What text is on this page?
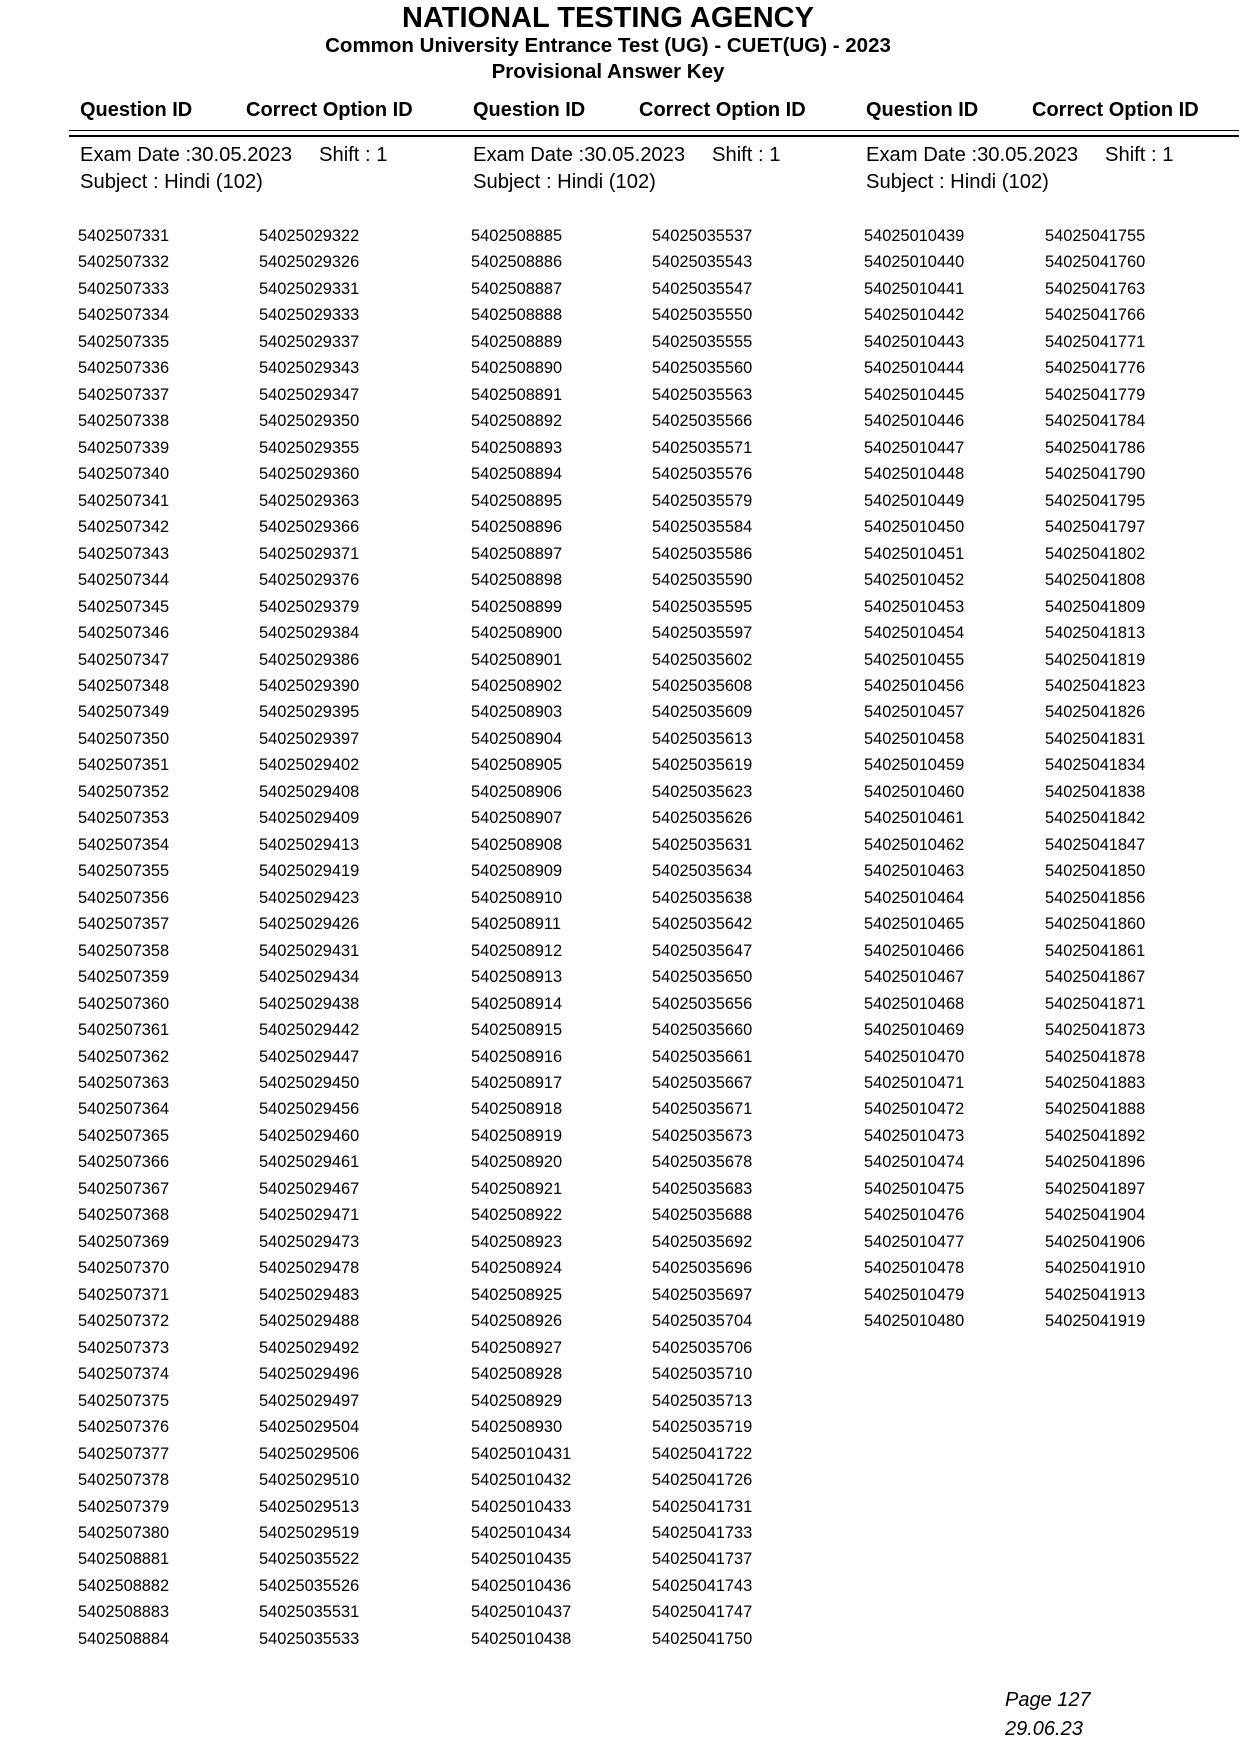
NATIONAL TESTING AGENCY
Common University Entrance Test (UG) - CUET(UG) - 2023
Provisional Answer Key
Question ID	Correct Option ID
Exam Date :30.05.2023 Shift : 1
Subject : Hindi (102)
5402507331	54025029322
5402507332	54025029326
5402507333	54025029331
5402507334	54025029333
5402507335	54025029337
5402507336	54025029343
5402507337	54025029347
5402507338	54025029350
5402507339	54025029355
5402507340	54025029360
5402507341	54025029363
5402507342	54025029366
5402507343	54025029371
5402507344	54025029376
5402507345	54025029379
5402507346	54025029384
5402507347	54025029386
5402507348	54025029390
5402507349	54025029395
5402507350	54025029397
5402507351	54025029402
5402507352	54025029408
5402507353	54025029409
5402507354	54025029413
5402507355	54025029419
5402507356	54025029423
5402507357	54025029426
5402507358	54025029431
5402507359	54025029434
5402507360	54025029438
5402507361	54025029442
5402507362	54025029447
5402507363	54025029450
5402507364	54025029456
5402507365	54025029460
5402507366	54025029461
5402507367	54025029467
5402507368	54025029471
5402507369	54025029473
5402507370	54025029478
5402507371	54025029483
5402507372	54025029488
5402507373	54025029492
5402507374	54025029496
5402507375	54025029497
5402507376	54025029504
5402507377	54025029506
5402507378	54025029510
5402507379	54025029513
5402507380	54025029519
5402508881	54025035522
5402508882	54025035526
5402508883	54025035531
5402508884	54025035533
Question ID	Correct Option ID
Exam Date :30.05.2023 Shift : 1
Subject : Hindi (102)
5402508885	54025035537
5402508886	54025035543
5402508887	54025035547
5402508888	54025035550
5402508889	54025035555
5402508890	54025035560
5402508891	54025035563
5402508892	54025035566
5402508893	54025035571
5402508894	54025035576
5402508895	54025035579
5402508896	54025035584
5402508897	54025035586
5402508898	54025035590
5402508899	54025035595
5402508900	54025035597
5402508901	54025035602
5402508902	54025035608
5402508903	54025035609
5402508904	54025035613
5402508905	54025035619
5402508906	54025035623
5402508907	54025035626
5402508908	54025035631
5402508909	54025035634
5402508910	54025035638
5402508911	54025035642
5402508912	54025035647
5402508913	54025035650
5402508914	54025035656
5402508915	54025035660
5402508916	54025035661
5402508917	54025035667
5402508918	54025035671
5402508919	54025035673
5402508920	54025035678
5402508921	54025035683
5402508922	54025035688
5402508923	54025035692
5402508924	54025035696
5402508925	54025035697
5402508926	54025035704
5402508927	54025035706
5402508928	54025035710
5402508929	54025035713
5402508930	54025035719
54025010431	54025041722
54025010432	54025041726
54025010433	54025041731
54025010434	54025041733
54025010435	54025041737
54025010436	54025041743
54025010437	54025041747
54025010438	54025041750
Question ID	Correct Option ID
Exam Date :30.05.2023 Shift : 1
Subject : Hindi (102)
54025010439	54025041755
54025010440	54025041760
54025010441	54025041763
54025010442	54025041766
54025010443	54025041771
54025010444	54025041776
54025010445	54025041779
54025010446	54025041784
54025010447	54025041786
54025010448	54025041790
54025010449	54025041795
54025010450	54025041797
54025010451	54025041802
54025010452	54025041808
54025010453	54025041809
54025010454	54025041813
54025010455	54025041819
54025010456	54025041823
54025010457	54025041826
54025010458	54025041831
54025010459	54025041834
54025010460	54025041838
54025010461	54025041842
54025010462	54025041847
54025010463	54025041850
54025010464	54025041856
54025010465	54025041860
54025010466	54025041861
54025010467	54025041867
54025010468	54025041871
54025010469	54025041873
54025010470	54025041878
54025010471	54025041883
54025010472	54025041888
54025010473	54025041892
54025010474	54025041896
54025010475	54025041897
54025010476	54025041904
54025010477	54025041906
54025010478	54025041910
54025010479	54025041913
54025010480	54025041919
Page 127
29.06.23
